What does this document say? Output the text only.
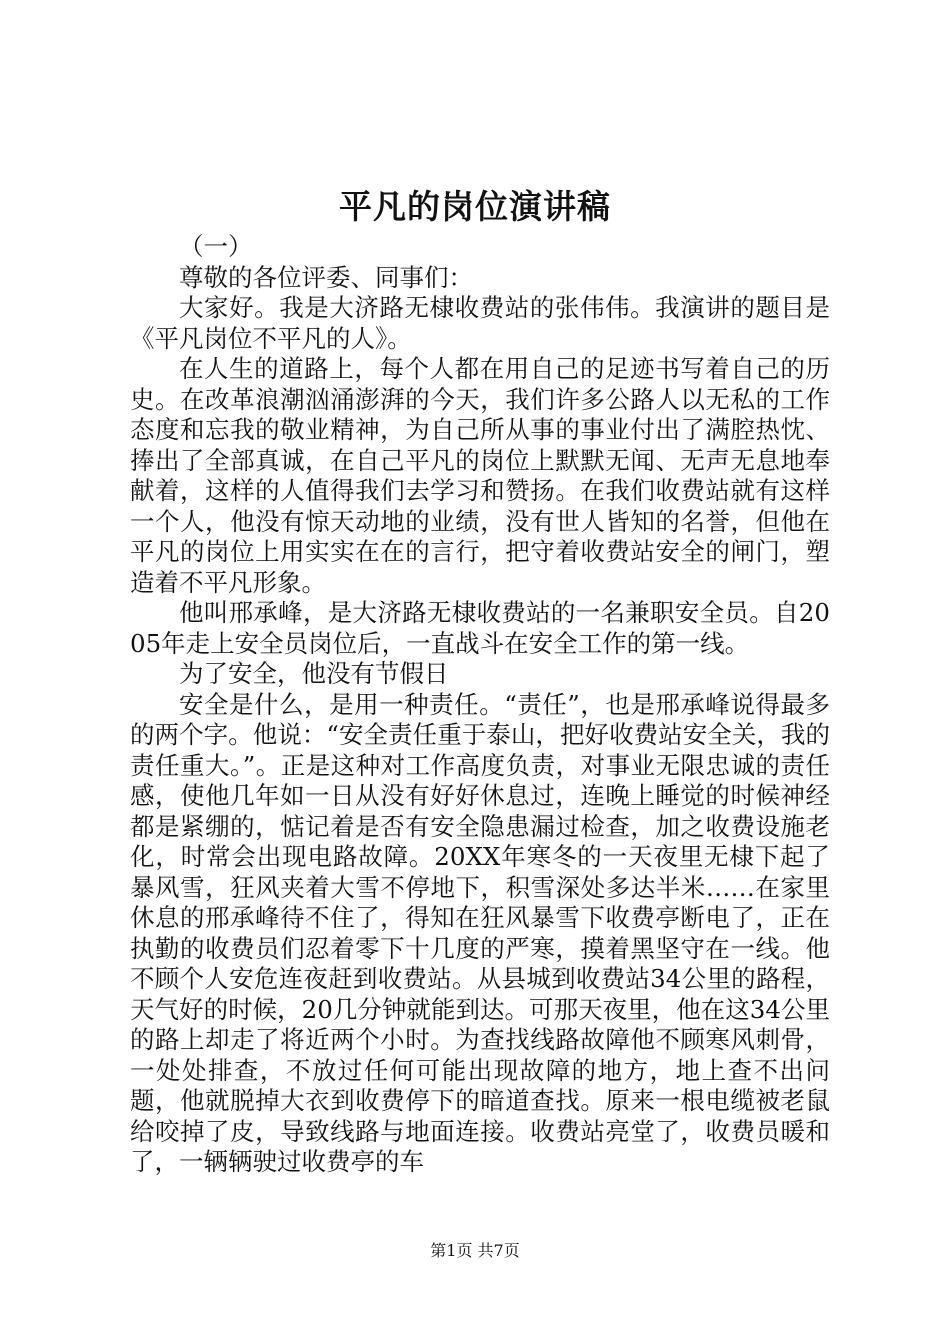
平凡的岗位演讲稿

（一）

尊敬的各位评委、同事们：

大家好。我是大济路无棣收费站的张伟伟。我演讲的题目是《平凡岗位不平凡的人》。

在人生的道路上，每个人都在用自己的足迹书写着自己的历史。在改革浪潮汹涌澎湃的今天，我们许多公路人以无私的工作态度和忘我的敬业精神，为自己所从事的事业付出了满腔热忱、捧出了全部真诚，在自己平凡的岗位上默默无闻、无声无息地奉献着，这样的人值得我们去学习和赞扬。在我们收费站就有这样一个人，他没有惊天动地的业绩，没有世人皆知的名誉，但他在平凡的岗位上用实实在在的言行，把守着收费站安全的闸门，塑造着不平凡形象。

他叫邢承峰，是大济路无棣收费站的一名兼职安全员。自2005年走上安全员岗位后，一直战斗在安全工作的第一线。

为了安全，他没有节假日

安全是什么，是用一种责任。“责任”，也是邢承峰说得最多的两个字。他说：“安全责任重于泰山，把好收费站安全关，我的责任重大。”。正是这种对工作高度负责，对事业无限忠诚的责任感，使他几年如一日从没有好好休息过，连晚上睡觉的时候神经都是紧绷的，惦记着是否有安全隐患漏过检查，加之收费设施老化，时常会出现电路故障。20XX年寒冬的一天夜里无棣下起了暴风雪，狂风夹着大雪不停地下，积雪深处多达半米……在家里休息的邢承峰待不住了，得知在狂风暴雪下收费亭断电了，正在执勤的收费员们忍着零下十几度的严寒，摸着黑坚守在一线。他不顾个人安危连夜赶到收费站。从县城到收费站34公里的路程，天气好的时候，20几分钟就能到达。可那天夜里，他在这34公里的路上却走了将近两个小时。为查找线路故障他不顾寒风刺骨，一处处排查，不放过任何可能出现故障的地方，地上查不出问题，他就脱掉大衣到收费停下的暗道查找。原来一根电缆被老鼠给咬掉了皮，导致线路与地面连接。收费站亮堂了，收费员暖和了，一辆辆驶过收费亭的车

第1页 共7页
